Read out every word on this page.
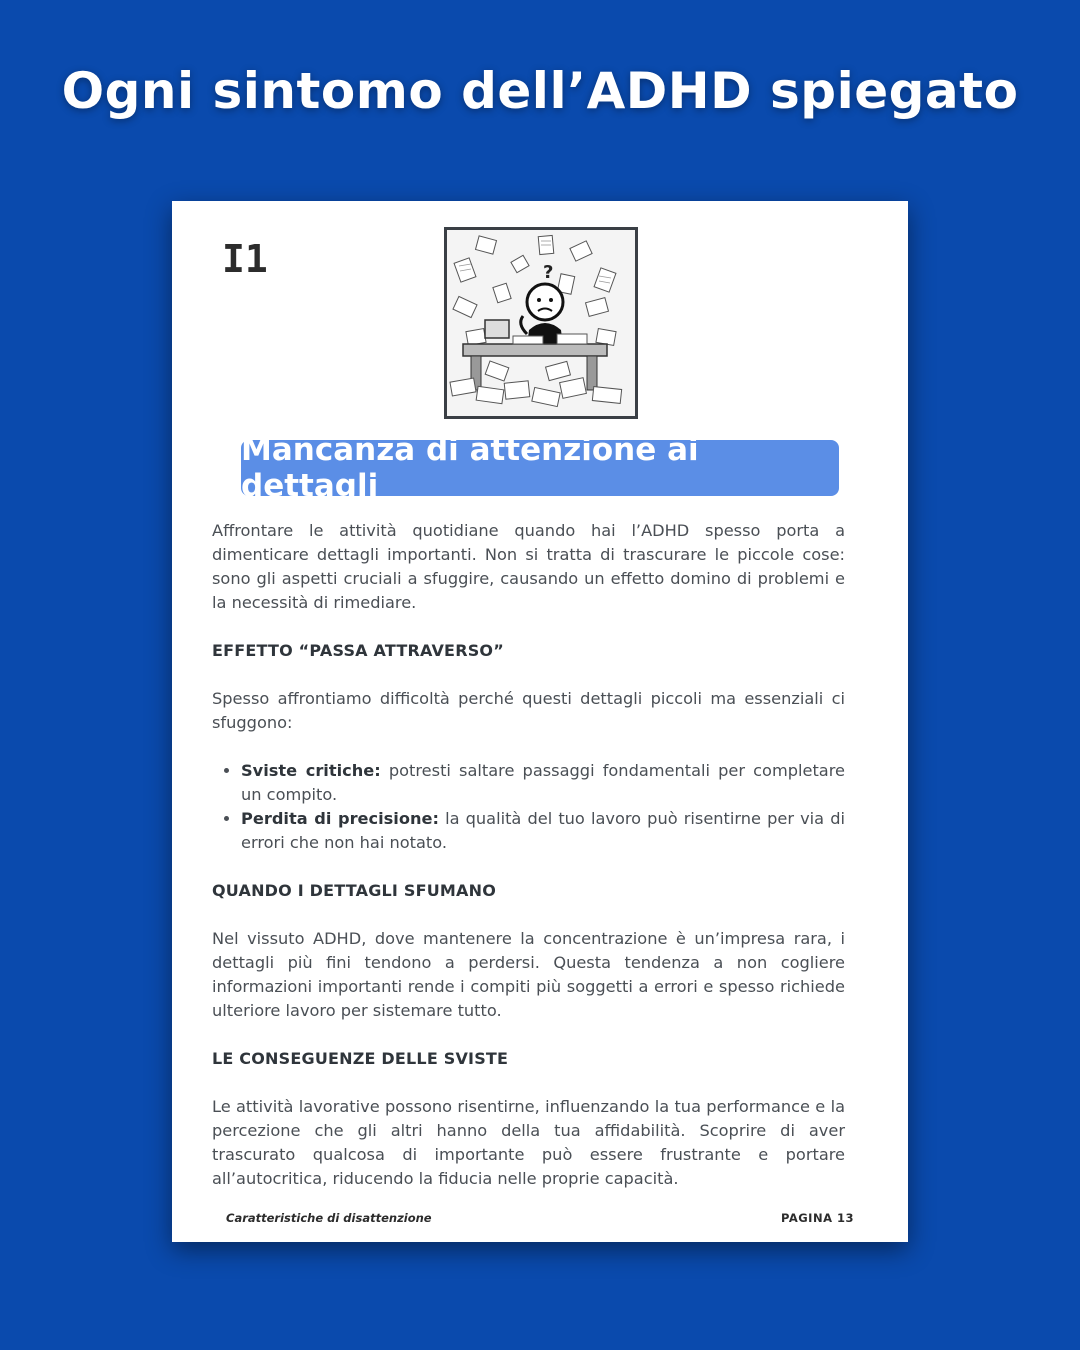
Ogni sintomo dell’ADHD spiegato
I1	?
Mancanza di attenzione ai dettagli

Affrontare le attività quotidiane quando hai l’ADHD spesso porta a dimenticare dettagli importanti. Non si tratta di trascurare le piccole cose: sono gli aspetti cruciali a sfuggire, causando un effetto domino di problemi e la necessità di rimediare.

EFFETTO “PASSA ATTRAVERSO”

Spesso affrontiamo difficoltà perché questi dettagli piccoli ma essenziali ci sfuggono:

• Sviste critiche: potresti saltare passaggi fondamentali per completare un compito.
• Perdita di precisione: la qualità del tuo lavoro può risentirne per via di errori che non hai notato.
QUANDO I DETTAGLI SFUMANO

Nel vissuto ADHD, dove mantenere la concentrazione è un’impresa rara, i dettagli più fini tendono a perdersi. Questa tendenza a non cogliere informazioni importanti rende i compiti più soggetti a errori e spesso richiede ulteriore lavoro per sistemare tutto.

LE CONSEGUENZE DELLE SVISTE

Le attività lavorative possono risentirne, influenzando la tua performance e la percezione che gli altri hanno della tua affidabilità. Scoprire di aver trascurato qualcosa di importante può essere frustrante e portare all’autocritica, riducendo la fiducia nelle proprie capacità.

Caratteristiche di disattenzione	PAGINA 13
